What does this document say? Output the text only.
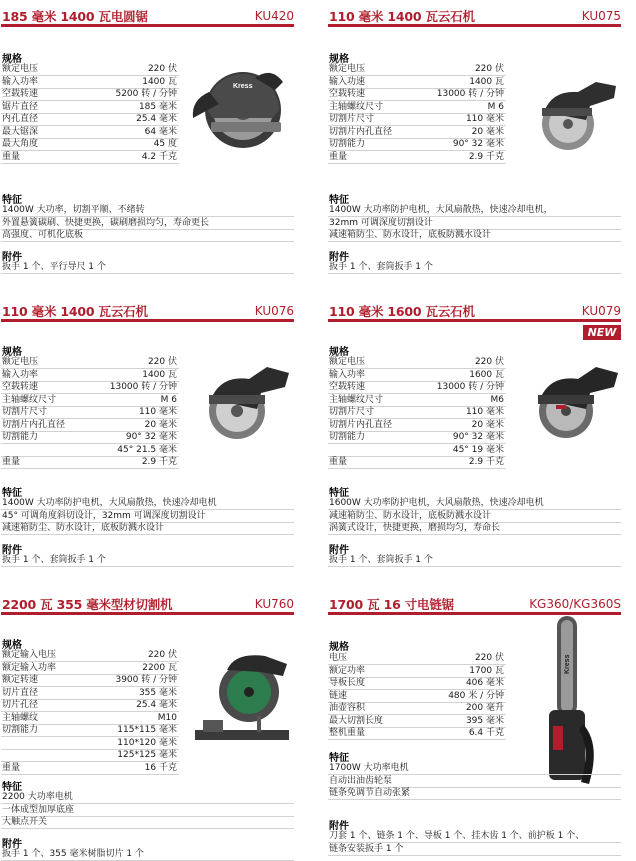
185 毫米 1400 瓦电圆锯	KU420
规格
Kress
额定电压	220 伏
输入功率	1400 瓦
空载转速	5200 转 / 分钟
锯片直径	185 毫米
内孔直径	25.4 毫米
最大锯深	64 毫米
最大角度	45 度
重量	4.2 千克
特征
1400W 大功率，切割平顺、不绪转
外置悬簧碳刷、快捷更换，碳刷磨损均匀，寿命更长
高强度、可机化底板
附件
扳手 1 个、平行导尺 1 个
110 毫米 1400 瓦云石机	KU075
规格
额定电压	220 伏
输入功速	1400 瓦
空载转速	13000 转 / 分钟
主轴螺纹尺寸	M 6
切割片尺寸	110 毫米
切割片内孔直径	20 毫米
切割能力	90° 32 毫米
重量	2.9 千克
特征
1400W 大功率防护电机，大风扇散热，快速冷却电机，
32mm 可调深度切割设计
减速箱防尘、防水设计，底板防溅水设计
附件
扳手 1 个、套筒扳手 1 个
110 毫米 1400 瓦云石机	KU076
规格
额定电压	220 伏
输入功率	1400 瓦
空载转速	13000 转 / 分钟
主轴螺纹尺寸	M 6
切割片尺寸	110 毫米
切割片内孔直径	20 毫米
切割能力	90° 32 毫米
45° 21.5 毫米
重量	2.9 千克
特征
1400W 大功率防护电机，大风扇散热，快速冷却电机
45° 可调角度斜切设计，32mm 可调深度切割设计
减速箱防尘、防水设计，底板防溅水设计
附件
扳手 1 个、套筒扳手 1 个
110 毫米 1600 瓦云石机	KU079
NEW
规格
额定电压	220 伏
输入功率	1600 瓦
空载转速	13000 转 / 分钟
主轴螺纹尺寸	M6
切割片尺寸	110 毫米
切割片内孔直径	20 毫米
切割能力	90° 32 毫米
45° 19 毫米
重量	2.9 千克
特征
1600W 大功率防护电机，大风扇散热，快速冷却电机
减速箱防尘、防水设计，底板防溅水设计
涡簧式设计，快捷更换，磨损均匀，寿命长
附件
扳手 1 个、套筒扳手 1 个
2200 瓦 355 毫米型材切割机	KU760
规格
额定输入电压	220 伏
额定输入功率	2200 瓦
额定转速	3900 转 / 分钟
切片直径	355 毫米
切片孔径	25.4 毫米
主轴螺纹	M10
切割能力	115*115 毫米
110*120 毫米
125*125 毫米
重量	16 千克
特征
2200 大功率电机
一体成型加厚底座
大触点开关
附件
扳手 1 个、355 毫米树脂切片 1 个
1700 瓦 16 寸电链锯	KG360/KG360S
规格
Kress
电压	220 伏
额定功率	1700 瓦
导板长度	406 毫米
链速	480 米 / 分钟
油壶容积	200 毫升
最大切割长度	395 毫米
整机重量	6.4 千克
特征
1700W 大功率电机
自动出油齿轮泵
链条免调节自动张紧
附件
刀套 1 个、链条 1 个、导板 1 个、挂木齿 1 个、前护板 1 个、
链条安装扳手 1 个
